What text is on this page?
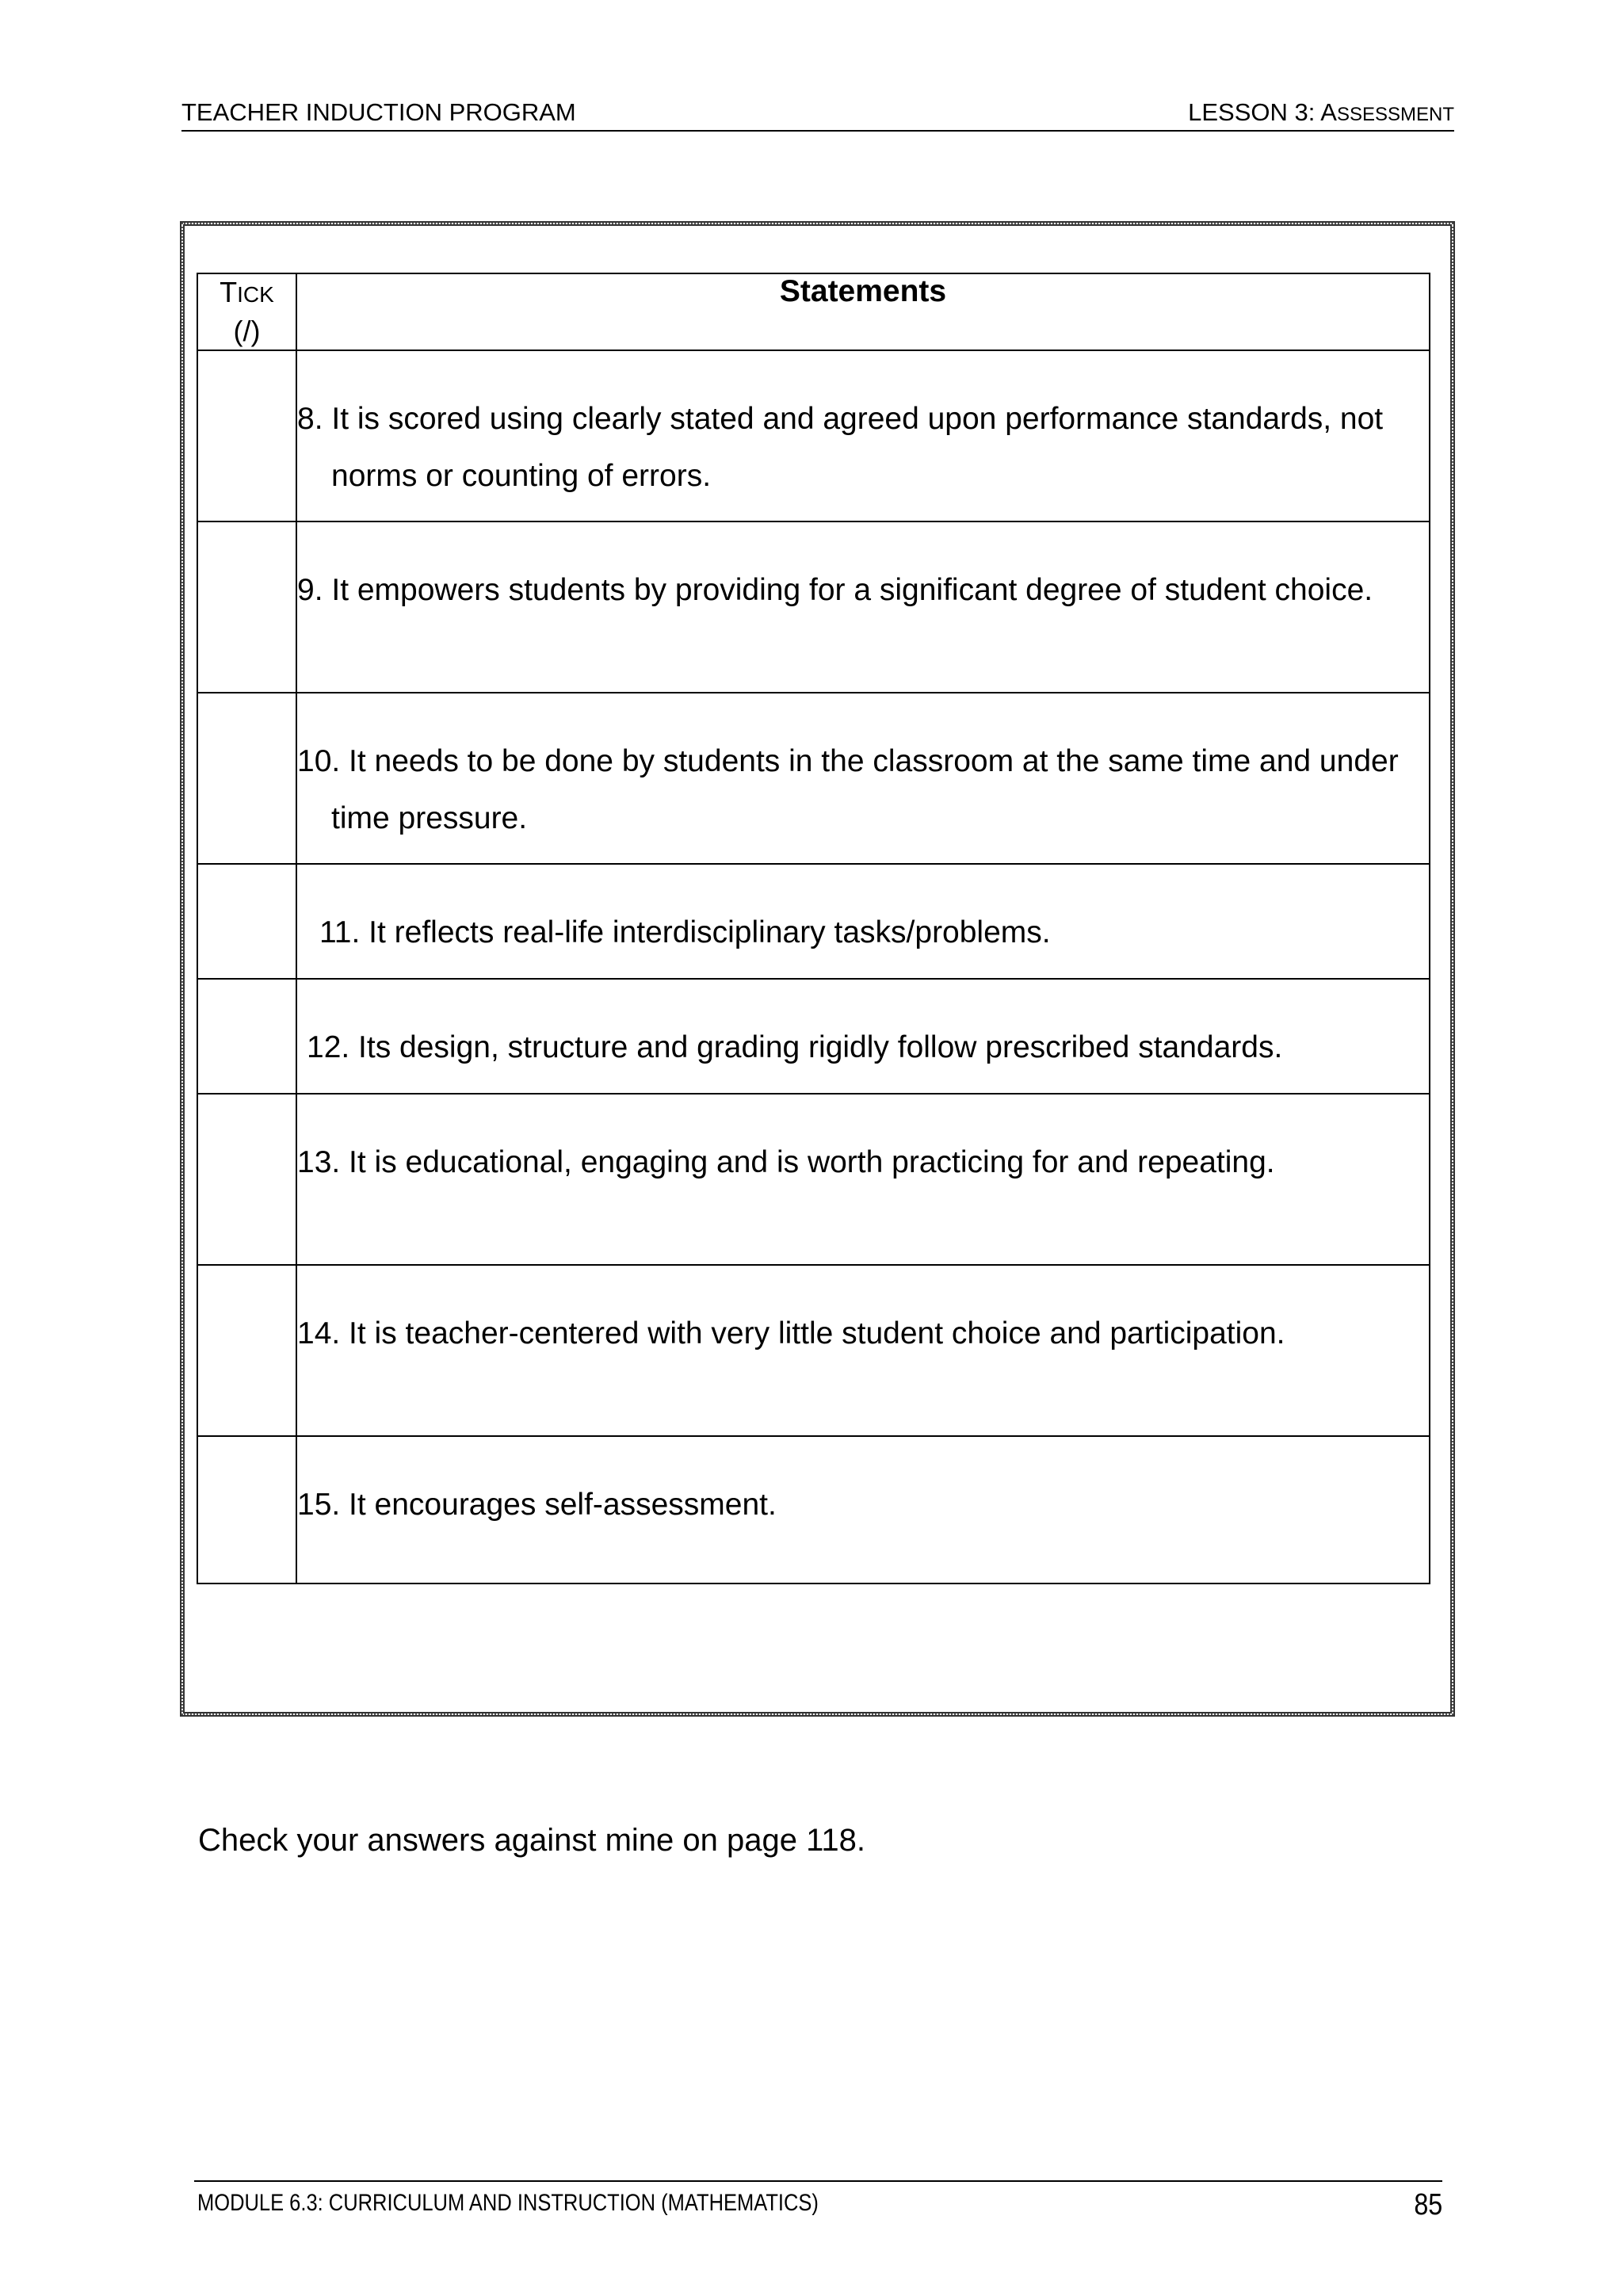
TEACHER INDUCTION PROGRAM	LESSON 3: ASSESSMENT
TICK
(/)	Statements

	8. It is scored using clearly stated and agreed upon performance standards, not norms or counting of errors.

	9. It empowers students by providing for a significant degree of student choice.

	10. It needs to be done by students in the classroom at the same time and under time pressure.

	11. It reflects real-life interdisciplinary tasks/problems.

	12. Its design, structure and grading rigidly follow prescribed standards.

	13. It is educational, engaging and is worth practicing for and repeating.

	14. It is teacher-centered with very little student choice and participation.

	15. It encourages self-assessment.
Check your answers against mine on page 118.
MODULE 6.3: CURRICULUM AND INSTRUCTION (MATHEMATICS)	85
